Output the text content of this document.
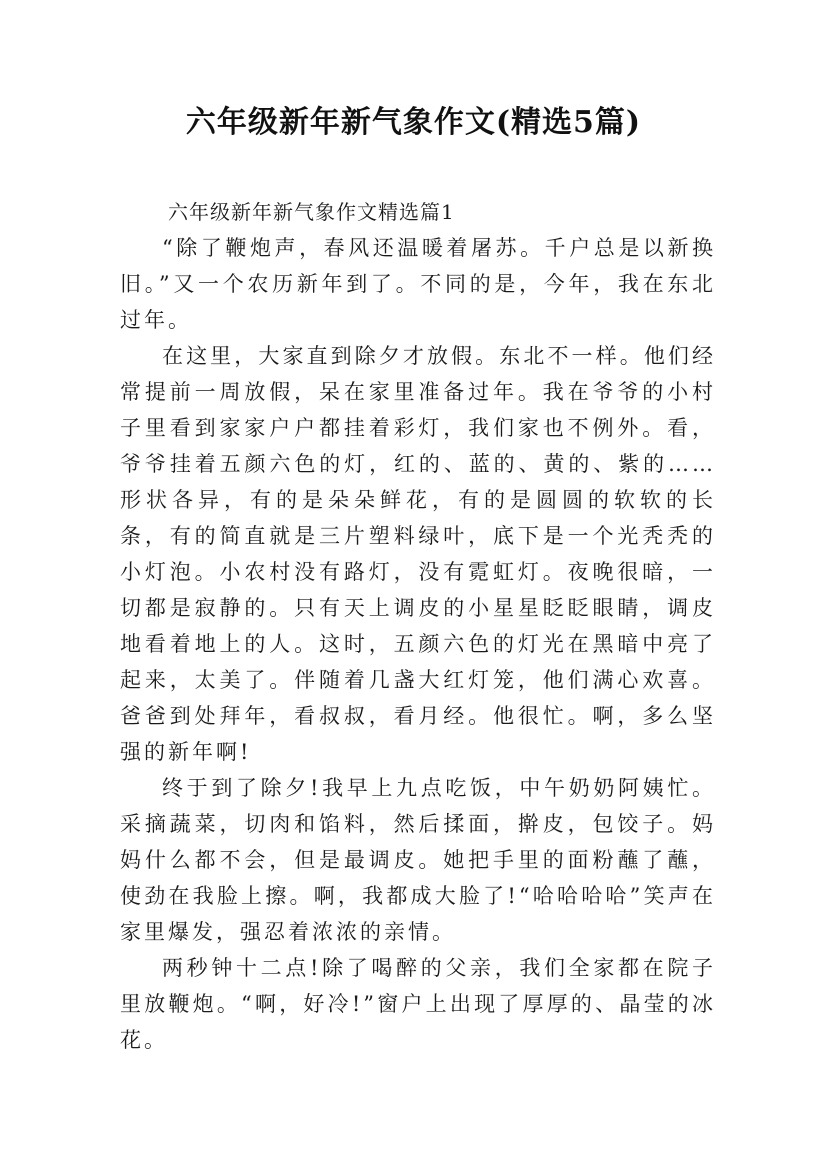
六年级新年新气象作文(精选5篇)

六年级新年新气象作文精选篇1

“除了鞭炮声，春风还温暖着屠苏。千户总是以新换旧。”又一个农历新年到了。不同的是，今年，我在东北过年。

在这里，大家直到除夕才放假。东北不一样。他们经常提前一周放假，呆在家里准备过年。我在爷爷的小村子里看到家家户户都挂着彩灯，我们家也不例外。看，爷爷挂着五颜六色的灯，红的、蓝的、黄的、紫的……形状各异，有的是朵朵鲜花，有的是圆圆的软软的长条，有的简直就是三片塑料绿叶，底下是一个光秃秃的小灯泡。小农村没有路灯，没有霓虹灯。夜晚很暗，一切都是寂静的。只有天上调皮的小星星眨眨眼睛，调皮地看着地上的人。这时，五颜六色的灯光在黑暗中亮了起来，太美了。伴随着几盏大红灯笼，他们满心欢喜。爸爸到处拜年，看叔叔，看月经。他很忙。啊，多么坚强的新年啊!

终于到了除夕!我早上九点吃饭，中午奶奶阿姨忙。采摘蔬菜，切肉和馅料，然后揉面，擀皮，包饺子。妈妈什么都不会，但是最调皮。她把手里的面粉蘸了蘸，使劲在我脸上擦。啊，我都成大脸了!“哈哈哈哈”笑声在家里爆发，强忍着浓浓的亲情。

两秒钟十二点!除了喝醉的父亲，我们全家都在院子里放鞭炮。“啊，好冷!”窗户上出现了厚厚的、晶莹的冰花。
